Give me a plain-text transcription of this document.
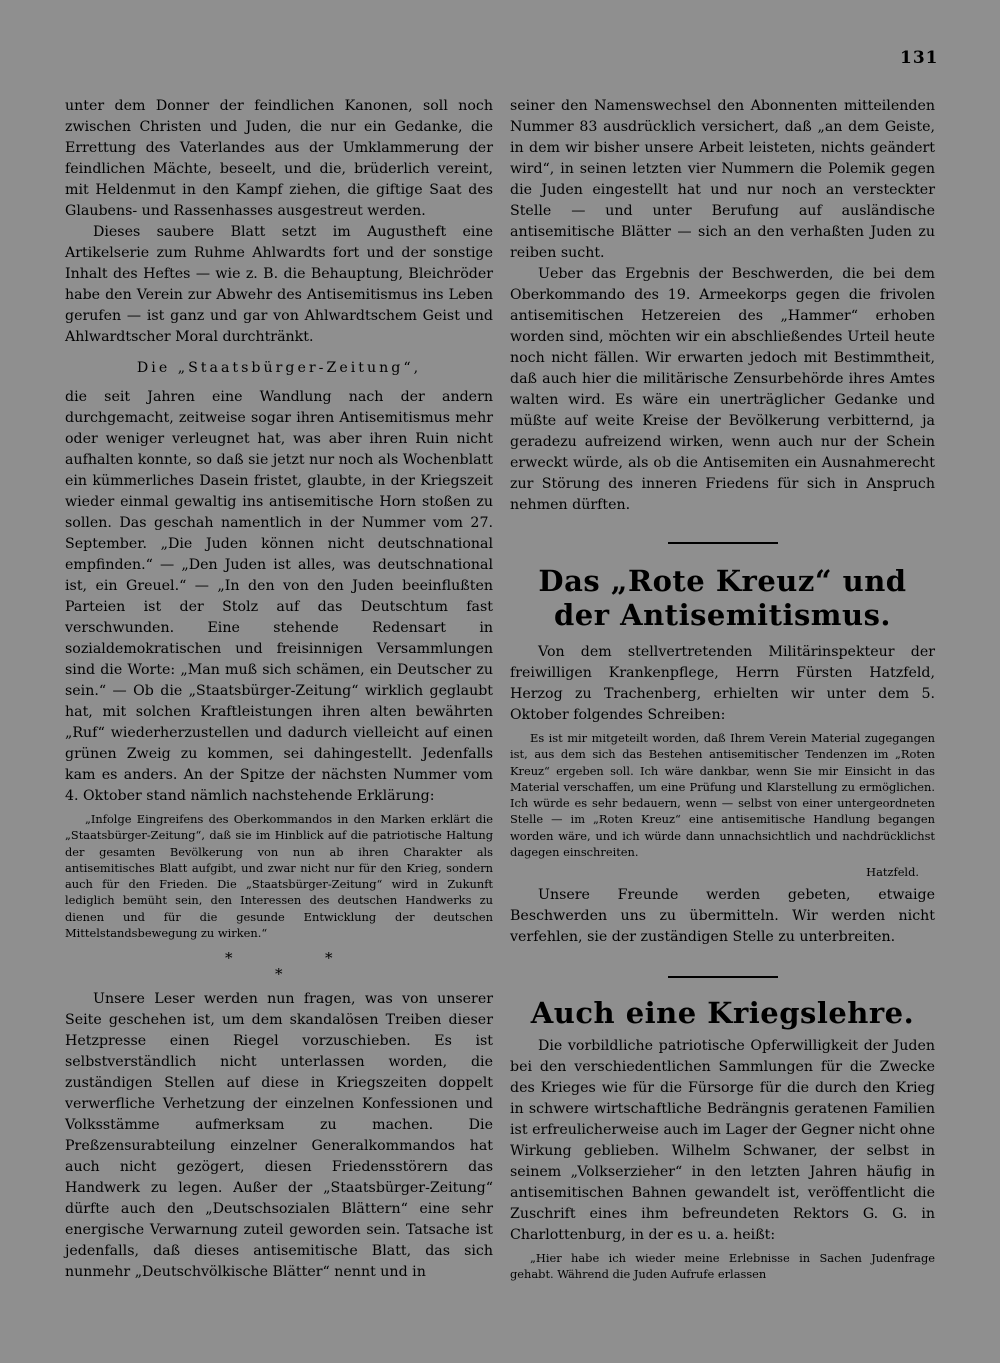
131

unter dem Donner der feindlichen Kanonen, soll noch zwischen Christen und Juden, die nur ein Gedanke, die Errettung des Vaterlandes aus der Umklammerung der feindlichen Mächte, beseelt, und die, brüderlich vereint, mit Heldenmut in den Kampf ziehen, die giftige Saat des Glaubens- und Rassenhasses ausgestreut werden.

Dieses saubere Blatt setzt im Augustheft eine Artikelserie zum Ruhme Ahlwardts fort und der sonstige Inhalt des Heftes — wie z. B. die Behauptung, Bleichröder habe den Verein zur Abwehr des Antisemitismus ins Leben gerufen — ist ganz und gar von Ahlwardtschem Geist und Ahlwardtscher Moral durchtränkt.

Die „Staatsbürger-Zeitung“,

die seit Jahren eine Wandlung nach der andern durchgemacht, zeitweise sogar ihren Antisemitismus mehr oder weniger verleugnet hat, was aber ihren Ruin nicht aufhalten konnte, so daß sie jetzt nur noch als Wochenblatt ein kümmerliches Dasein fristet, glaubte, in der Kriegszeit wieder einmal gewaltig ins antisemitische Horn stoßen zu sollen. Das geschah namentlich in der Nummer vom 27. September. „Die Juden können nicht deutschnational empfinden.“ — „Den Juden ist alles, was deutschnational ist, ein Greuel.“ — „In den von den Juden beeinflußten Parteien ist der Stolz auf das Deutschtum fast verschwunden. Eine stehende Redensart in sozialdemokratischen und freisinnigen Versammlungen sind die Worte: „Man muß sich schämen, ein Deutscher zu sein.“ — Ob die „Staatsbürger-Zeitung“ wirklich geglaubt hat, mit solchen Kraftleistungen ihren alten bewährten „Ruf“ wiederherzustellen und dadurch vielleicht auf einen grünen Zweig zu kommen, sei dahingestellt. Jedenfalls kam es anders. An der Spitze der nächsten Nummer vom 4. Oktober stand nämlich nachstehende Erklärung:

„Infolge Eingreifens des Oberkommandos in den Marken erklärt die „Staatsbürger-Zeitung“, daß sie im Hinblick auf die patriotische Haltung der gesamten Bevölkerung von nun ab ihren Charakter als antisemitisches Blatt aufgibt, und zwar nicht nur für den Krieg, sondern auch für den Frieden. Die „Staatsbürger-Zeitung“ wird in Zukunft lediglich bemüht sein, den Interessen des deutschen Handwerks zu dienen und für die gesunde Entwicklung der deutschen Mittelstandsbewegung zu wirken.“

*	*
*

Unsere Leser werden nun fragen, was von unserer Seite geschehen ist, um dem skandalösen Treiben dieser Hetzpresse einen Riegel vorzuschieben. Es ist selbstverständlich nicht unterlassen worden, die zuständigen Stellen auf diese in Kriegszeiten doppelt verwerfliche Verhetzung der einzelnen Konfessionen und Volksstämme aufmerksam zu machen. Die Preßzensurabteilung einzelner Generalkommandos hat auch nicht gezögert, diesen Friedensstörern das Handwerk zu legen. Außer der „Staatsbürger-Zeitung“ dürfte auch den „Deutschsozialen Blättern“ eine sehr energische Verwarnung zuteil geworden sein. Tatsache ist jedenfalls, daß dieses antisemitische Blatt, das sich nunmehr „Deutschvölkische Blätter“ nennt und in

seiner den Namenswechsel den Abonnenten mitteilenden Nummer 83 ausdrücklich versichert, daß „an dem Geiste, in dem wir bisher unsere Arbeit leisteten, nichts geändert wird“, in seinen letzten vier Nummern die Polemik gegen die Juden eingestellt hat und nur noch an versteckter Stelle — und unter Berufung auf ausländische antisemitische Blätter — sich an den verhaßten Juden zu reiben sucht.

Ueber das Ergebnis der Beschwerden, die bei dem Oberkommando des 19. Armeekorps gegen die frivolen antisemitischen Hetzereien des „Hammer“ erhoben worden sind, möchten wir ein abschließendes Urteil heute noch nicht fällen. Wir erwarten jedoch mit Bestimmtheit, daß auch hier die militärische Zensurbehörde ihres Amtes walten wird. Es wäre ein unerträglicher Gedanke und müßte auf weite Kreise der Bevölkerung verbitternd, ja geradezu aufreizend wirken, wenn auch nur der Schein erweckt würde, als ob die Antisemiten ein Ausnahmerecht zur Störung des inneren Friedens für sich in Anspruch nehmen dürften.

Das „Rote Kreuz“ und der Antisemitismus.

Von dem stellvertretenden Militärinspekteur der freiwilligen Krankenpflege, Herrn Fürsten Hatzfeld, Herzog zu Trachenberg, erhielten wir unter dem 5. Oktober folgendes Schreiben:

Es ist mir mitgeteilt worden, daß Ihrem Verein Material zugegangen ist, aus dem sich das Bestehen antisemitischer Tendenzen im „Roten Kreuz“ ergeben soll. Ich wäre dankbar, wenn Sie mir Einsicht in das Material verschaffen, um eine Prüfung und Klarstellung zu ermöglichen. Ich würde es sehr bedauern, wenn — selbst von einer untergeordneten Stelle — im „Roten Kreuz“ eine antisemitische Handlung begangen worden wäre, und ich würde dann unnachsichtlich und nachdrücklichst dagegen einschreiten.

Hatzfeld.

Unsere Freunde werden gebeten, etwaige Beschwerden uns zu übermitteln. Wir werden nicht verfehlen, sie der zuständigen Stelle zu unterbreiten.

Auch eine Kriegslehre.

Die vorbildliche patriotische Opferwilligkeit der Juden bei den verschiedentlichen Sammlungen für die Zwecke des Krieges wie für die Fürsorge für die durch den Krieg in schwere wirtschaftliche Bedrängnis geratenen Familien ist erfreulicherweise auch im Lager der Gegner nicht ohne Wirkung geblieben. Wilhelm Schwaner, der selbst in seinem „Volkserzieher“ in den letzten Jahren häufig in antisemitischen Bahnen gewandelt ist, veröffentlicht die Zuschrift eines ihm befreundeten Rektors G. G. in Charlottenburg, in der es u. a. heißt:

„Hier habe ich wieder meine Erlebnisse in Sachen Judenfrage gehabt. Während die Juden Aufrufe erlassen
